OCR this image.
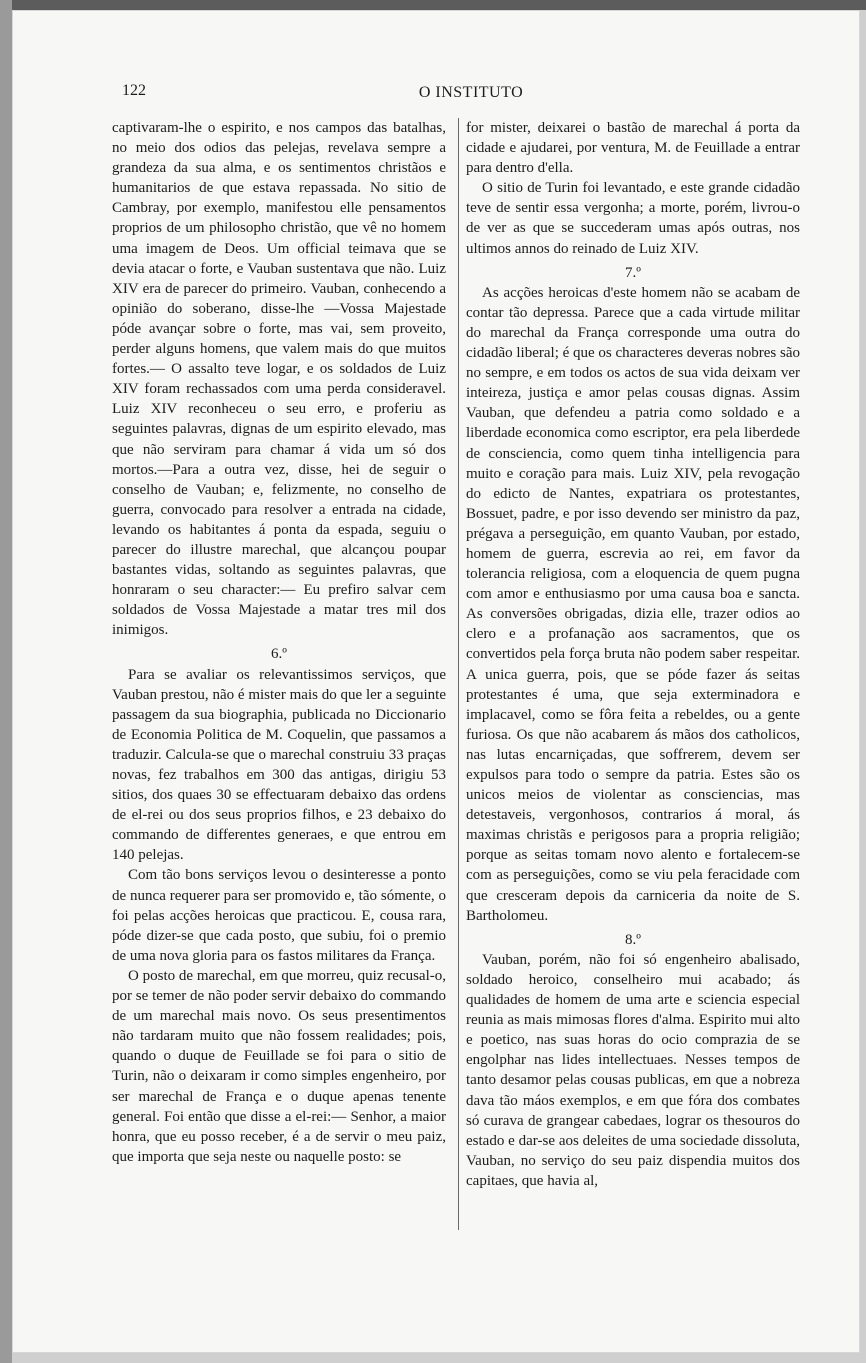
122	O INSTITUTO

captivaram-lhe o espirito, e nos campos das batalhas, no meio dos odios das pelejas, revelava sempre a grandeza da sua alma, e os sentimentos christãos e humanitarios de que estava repassada. No sitio de Cambray, por exemplo, manifestou elle pensamentos proprios de um philosopho christão, que vê no homem uma imagem de Deos. Um official teimava que se devia atacar o forte, e Vauban sustentava que não. Luiz XIV era de parecer do primeiro. Vauban, conhecendo a opinião do soberano, disse-lhe —Vossa Majestade póde avançar sobre o forte, mas vai, sem proveito, perder alguns homens, que valem mais do que muitos fortes.— O assalto teve logar, e os soldados de Luiz XIV foram rechassados com uma perda consideravel. Luiz XIV reconheceu o seu erro, e proferiu as seguintes palavras, dignas de um espirito elevado, mas que não serviram para chamar á vida um só dos mortos.—Para a outra vez, disse, hei de seguir o conselho de Vauban; e, felizmente, no conselho de guerra, convocado para resolver a entrada na cidade, levando os habitantes á ponta da espada, seguiu o parecer do illustre marechal, que alcançou poupar bastantes vidas, soltando as seguintes palavras, que honraram o seu character:— Eu prefiro salvar cem soldados de Vossa Majestade a matar tres mil dos inimigos.

6.º

Para se avaliar os relevantissimos serviços, que Vauban prestou, não é mister mais do que ler a seguinte passagem da sua biographia, publicada no Diccionario de Economia Politica de M. Coquelin, que passamos a traduzir. Calcula-se que o marechal construiu 33 praças novas, fez trabalhos em 300 das antigas, dirigiu 53 sitios, dos quaes 30 se effectuaram debaixo das ordens de el-rei ou dos seus proprios filhos, e 23 debaixo do commando de differentes generaes, e que entrou em 140 pelejas.

Com tão bons serviços levou o desinteresse a ponto de nunca requerer para ser promovido e, tão sómente, o foi pelas acções heroicas que practicou. E, cousa rara, póde dizer-se que cada posto, que subiu, foi o premio de uma nova gloria para os fastos militares da França.

O posto de marechal, em que morreu, quiz recusal-o, por se temer de não poder servir debaixo do commando de um marechal mais novo. Os seus presentimentos não tardaram muito que não fossem realidades; pois, quando o duque de Feuillade se foi para o sitio de Turin, não o deixaram ir como simples engenheiro, por ser marechal de França e o duque apenas tenente general. Foi então que disse a el-rei:— Senhor, a maior honra, que eu posso receber, é a de servir o meu paiz, que importa que seja neste ou naquelle posto: se

for mister, deixarei o bastão de marechal á porta da cidade e ajudarei, por ventura, M. de Feuillade a entrar para dentro d'ella.

O sitio de Turin foi levantado, e este grande cidadão teve de sentir essa vergonha; a morte, porém, livrou-o de ver as que se succederam umas após outras, nos ultimos annos do reinado de Luiz XIV.

7.º

As acções heroicas d'este homem não se acabam de contar tão depressa. Parece que a cada virtude militar do marechal da França corresponde uma outra do cidadão liberal; é que os characteres deveras nobres são no sempre, e em todos os actos de sua vida deixam ver inteireza, justiça e amor pelas cousas dignas. Assim Vauban, que defendeu a patria como soldado e a liberdade economica como escriptor, era pela liberdede de consciencia, como quem tinha intelligencia para muito e coração para mais. Luiz XIV, pela revogação do edicto de Nantes, expatriara os protestantes, Bossuet, padre, e por isso devendo ser ministro da paz, prégava a perseguição, em quanto Vauban, por estado, homem de guerra, escrevia ao rei, em favor da tolerancia religiosa, com a eloquencia de quem pugna com amor e enthusiasmo por uma causa boa e sancta. As conversões obrigadas, dizia elle, trazer odios ao clero e a profanação aos sacramentos, que os convertidos pela força bruta não podem saber respeitar. A unica guerra, pois, que se póde fazer ás seitas protestantes é uma, que seja exterminadora e implacavel, como se fôra feita a rebeldes, ou a gente furiosa. Os que não acabarem ás mãos dos catholicos, nas lutas encarniçadas, que soffrerem, devem ser expulsos para todo o sempre da patria. Estes são os unicos meios de violentar as consciencias, mas detestaveis, vergonhosos, contrarios á moral, ás maximas christãs e perigosos para a propria religião; porque as seitas tomam novo alento e fortalecem-se com as perseguições, como se viu pela feracidade com que cresceram depois da carniceria da noite de S. Bartholomeu.

8.º

Vauban, porém, não foi só engenheiro abalisado, soldado heroico, conselheiro mui acabado; ás qualidades de homem de uma arte e sciencia especial reunia as mais mimosas flores d'alma. Espirito mui alto e poetico, nas suas horas do ocio comprazia de se engolphar nas lides intellectuaes. Nesses tempos de tanto desamor pelas cousas publicas, em que a nobreza dava tão máos exemplos, e em que fóra dos combates só curava de grangear cabedaes, lograr os thesouros do estado e dar-se aos deleites de uma sociedade dissoluta, Vauban, no serviço do seu paiz dispendia muitos dos capitaes, que havia al,
